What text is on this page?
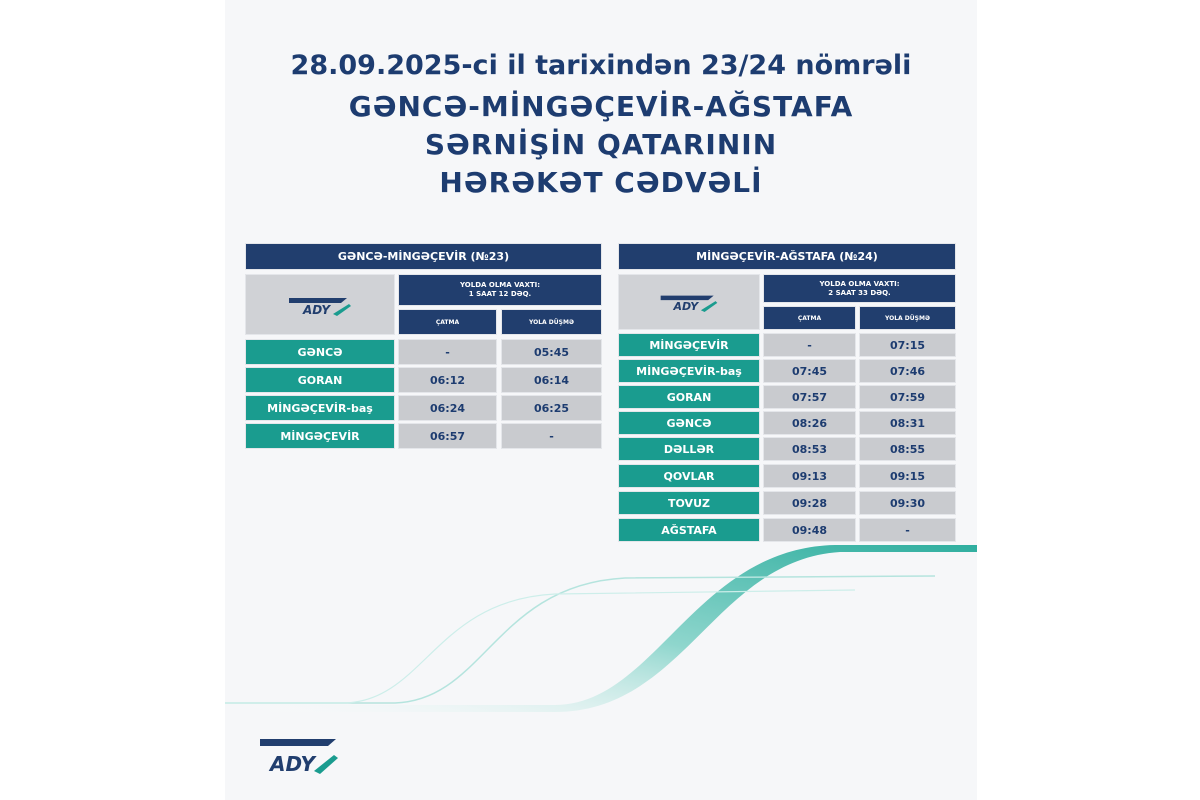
28.09.2025-ci il tarixindən 23/24 nömrəli
GƏNCƏ-MİNGƏÇEVİR-AĞSTAFA
SƏRNİŞİN QATARININ
HƏRƏKƏT CƏDVƏLİ
GƏNCƏ-MİNGƏÇEVİR (№23)
ADY
YOLDA OLMA VAXTI:
1 SAAT 12 DƏQ.
ÇATMA	YOLA DÜŞMƏ
GƏNCƏ	-	05:45
GORAN	06:12	06:14
MİNGƏÇEVİR-baş	06:24	06:25
MİNGƏÇEVİR	06:57	-
MİNGƏÇEVİR-AĞSTAFA (№24)
ADY
YOLDA OLMA VAXTI:
2 SAAT 33 DƏQ.
ÇATMA	YOLA DÜŞMƏ
MİNGƏÇEVİR	-	07:15
MİNGƏÇEVİR-baş	07:45	07:46
GORAN	07:57	07:59
GƏNCƏ	08:26	08:31
DƏLLƏR	08:53	08:55
QOVLAR	09:13	09:15
TOVUZ	09:28	09:30
AĞSTAFA	09:48	-
ADY
